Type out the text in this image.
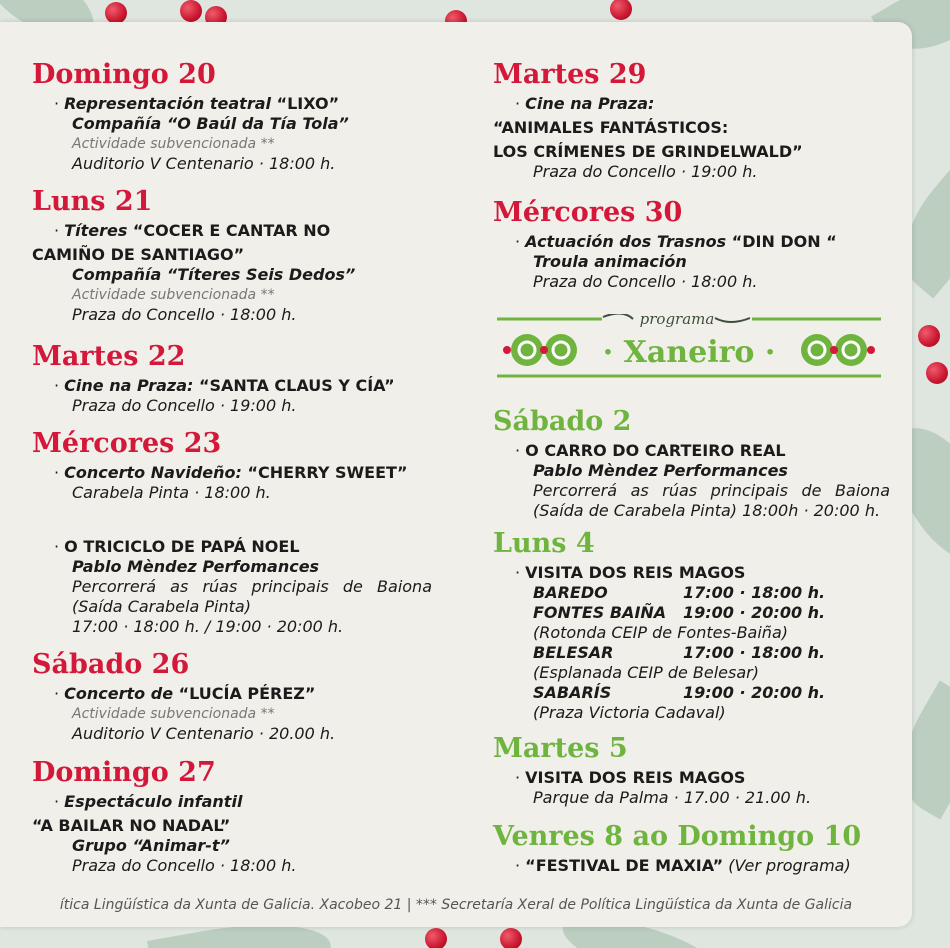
Domingo 20
· Representación teatral “LIXO”
Compañía “O Baúl da Tía Tola”
Actividade subvencionada **
Auditorio V Centenario · 18:00 h.
Luns 21
· Títeres “COCER E CANTAR NO
CAMIÑO DE SANTIAGO”
Compañía “Títeres Seis Dedos”
Actividade subvencionada **
Praza do Concello · 18:00 h.
Martes 22
· Cine na Praza: “SANTA CLAUS Y CÍA”
Praza do Concello · 19:00 h.
Mércores 23
· Concerto Navideño: “CHERRY SWEET”
Carabela Pinta · 18:00 h.
· O TRICICLO DE PAPÁ NOEL
Pablo Mèndez Perfomances
Percorrerá as rúas principais de Baiona
(Saída Carabela Pinta)
17:00 · 18:00 h. / 19:00 · 20:00 h.
Sábado 26
· Concerto de “LUCÍA PÉREZ”
Actividade subvencionada **
Auditorio V Centenario · 20.00 h.
Domingo 27
· Espectáculo infantil
“A BAILAR NO NADAL”
Grupo “Animar-t”
Praza do Concello · 18:00 h.
Martes 29
· Cine na Praza:
“ANIMALES FANTÁSTICOS:
LOS CRÍMENES DE GRINDELWALD”
Praza do Concello · 19:00 h.
Mércores 30
· Actuación dos Trasnos “DIN DON “
Troula animación
Praza do Concello · 18:00 h.
Sábado 2
· O CARRO DO CARTEIRO REAL
Pablo Mèndez Performances
Percorrerá as rúas principais de Baiona
(Saída de Carabela Pinta) 18:00h · 20:00 h.
Luns 4
· VISITA DOS REIS MAGOS
BAREDO	17:00 · 18:00 h.
FONTES BAIÑA	19:00 · 20:00 h.
(Rotonda CEIP de Fontes-Baiña)
BELESAR	17:00 · 18:00 h.
(Esplanada CEIP de Belesar)
SABARÍS	19:00 · 20:00 h.
(Praza Victoria Cadaval)
Martes 5
· VISITA DOS REIS MAGOS
Parque da Palma · 17.00 · 21.00 h.
Venres 8 ao Domingo 10
· “FESTIVAL DE MAXIA” (Ver programa)
programa
· Xaneiro ·
ítica Lingüística da Xunta de Galicia. Xacobeo 21 | *** Secretaría Xeral de Política Lingüística da Xunta de Galicia
